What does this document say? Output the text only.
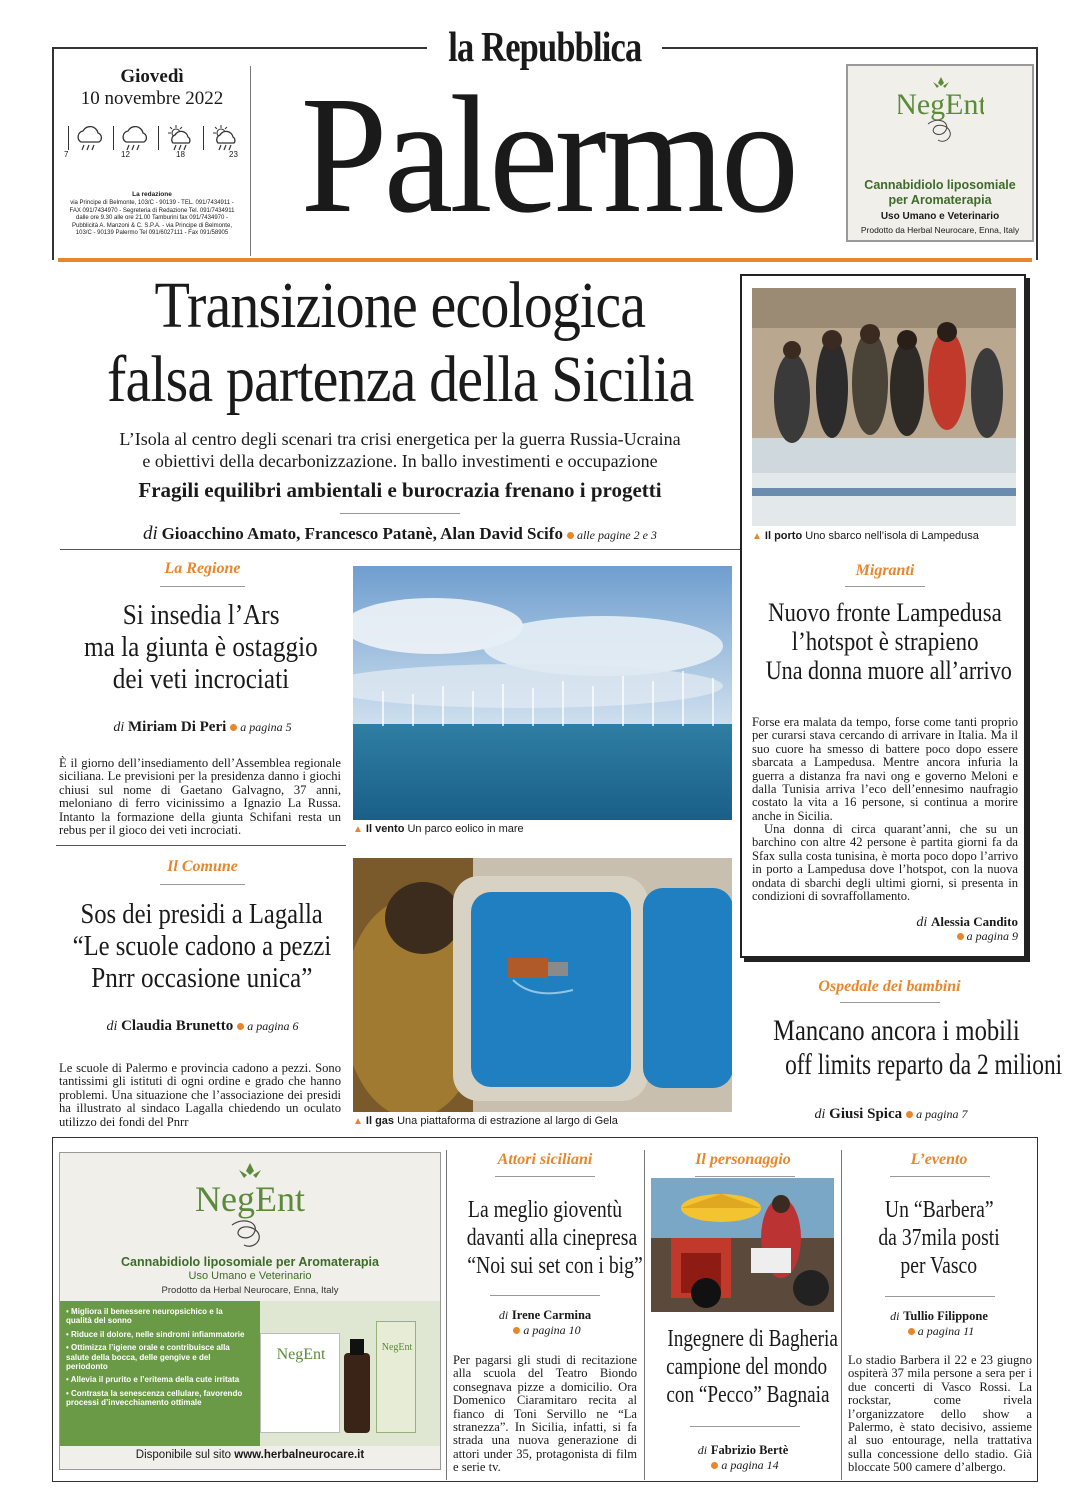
la Repubblica
Giovedì
10 novembre 2022
7	12	18	23
La redazione
via Principe di Belmonte, 103/C - 90139 - TEL. 091/7434911 - FAX 091/7434970 - Segreteria di Redazione Tel. 091/7434911 dalle ore 9.30 alle ore 21.00 Tamburini fax 091/7434970 - Pubblicità A. Manzoni & C. S.P.A. - via Principe di Belmonte, 103/C - 90139 Palermo Tel 091/6027111 - Fax 091/58905 Palermo	NegEnt
Cannabidiolo liposomiale
per Aromaterapia
Uso Umano e Veterinario
Prodotto da Herbal Neurocare, Enna, Italy
Transizione ecologica
falsa partenza della Sicilia
L’Isola al centro degli scenari tra crisi energetica per la guerra Russia-Ucraina
e obiettivi della decarbonizzazione. In ballo investimenti e occupazione
Fragili equilibri ambientali e burocrazia frenano i progetti
di Gioacchino Amato, Francesco Patanè, Alan David Scifo alle pagine 2 e 3	▲ Il porto Uno sbarco nell’isola di Lampedusa
Migranti
Nuovo fronte Lampedusa
l’hotspot è strapieno
Una donna muore all’arrivo
Forse era malata da tempo, forse come tanti proprio per curarsi stava cercando di arrivare in Italia. Ma il suo cuore ha smesso di battere poco dopo essere sbarcata a Lampedusa. Mentre ancora infuria la guerra a distanza fra navi ong e governo Meloni e dalla Tunisia arriva l’eco dell’ennesimo naufragio costato la vita a 16 persone, si continua a morire anche in Sicilia.
Una donna di circa quarant’anni, che su un barchino con altre 42 persone è partita giorni fa da Sfax sulla costa tunisina, è morta poco dopo l’arrivo in porto a Lampedusa dove l’hotspot, con la nuova ondata di sbarchi degli ultimi giorni, si presenta in condizioni di sovraffollamento.
di Alessia Candito
a pagina 9
La Regione
Si insedia l’Ars
ma la giunta è ostaggio
dei veti incrociati
di Miriam Di Peri a pagina 5
È il giorno dell’insediamento dell’Assemblea regionale siciliana. Le previsioni per la presidenza danno i giochi chiusi sul nome di Gaetano Galvagno, 37 anni, meloniano di ferro vicinissimo a Ignazio La Russa. Intanto la formazione della giunta Schifani resta un rebus per il gioco dei veti incrociati.
Il Comune
Sos dei presidi a Lagalla
“Le scuole cadono a pezzi
Pnrr occasione unica”
di Claudia Brunetto a pagina 6
Le scuole di Palermo e provincia cadono a pezzi. Sono tantissimi gli istituti di ogni ordine e grado che hanno problemi. Una situazione che l’associazione dei presidi ha illustrato al sindaco Lagalla chiedendo un oculato utilizzo dei fondi del Pnrr
▲ Il vento Un parco eolico in mare
▲ Il gas Una piattaforma di estrazione al largo di Gela
Ospedale dei bambini
Mancano ancora i mobili
off limits reparto da 2 milioni
di Giusi Spica a pagina 7
NegEnt
Cannabidiolo liposomiale per Aromaterapia
Uso Umano e Veterinario
Prodotto da Herbal Neurocare, Enna, Italy
• Migliora il benessere neuropsichico e la qualità del sonno
• Riduce il dolore, nelle sindromi infiammatorie
• Ottimizza l’igiene orale e contribuisce alla salute della bocca, delle gengive e del periodonto
• Allevia il prurito e l’eritema della cute irritata
• Contrasta la senescenza cellulare, favorendo processi d’invecchiamento ottimale
NegEnt	NegEnt
Disponibile sul sito www.herbalneurocare.it
Attori siciliani
La meglio gioventù
davanti alla cinepresa
“Noi sui set con i big”
di Irene Carmina
a pagina 10
Per pagarsi gli studi di recitazione alla scuola del Teatro Biondo consegnava pizze a domicilio. Ora Domenico Ciaramitaro recita al fianco di Toni Servillo ne “La stranezza”. In Sicilia, infatti, si fa strada una nuova generazione di attori under 35, protagonista di film e serie tv.
Il personaggio
Ingegnere di Bagheria
campione del mondo
con “Pecco” Bagnaia
di Fabrizio Bertè
a pagina 14
L’evento
Un “Barbera”
da 37mila posti
per Vasco
di Tullio Filippone
a pagina 11
Lo stadio Barbera il 22 e 23 giugno ospiterà 37 mila persone a sera per i due concerti di Vasco Rossi. La rockstar, come rivela l’organizzatore dello show a Palermo, è stato decisivo, assieme al suo entourage, nella trattativa sulla concessione dello stadio. Già bloccate 500 camere d’albergo.
